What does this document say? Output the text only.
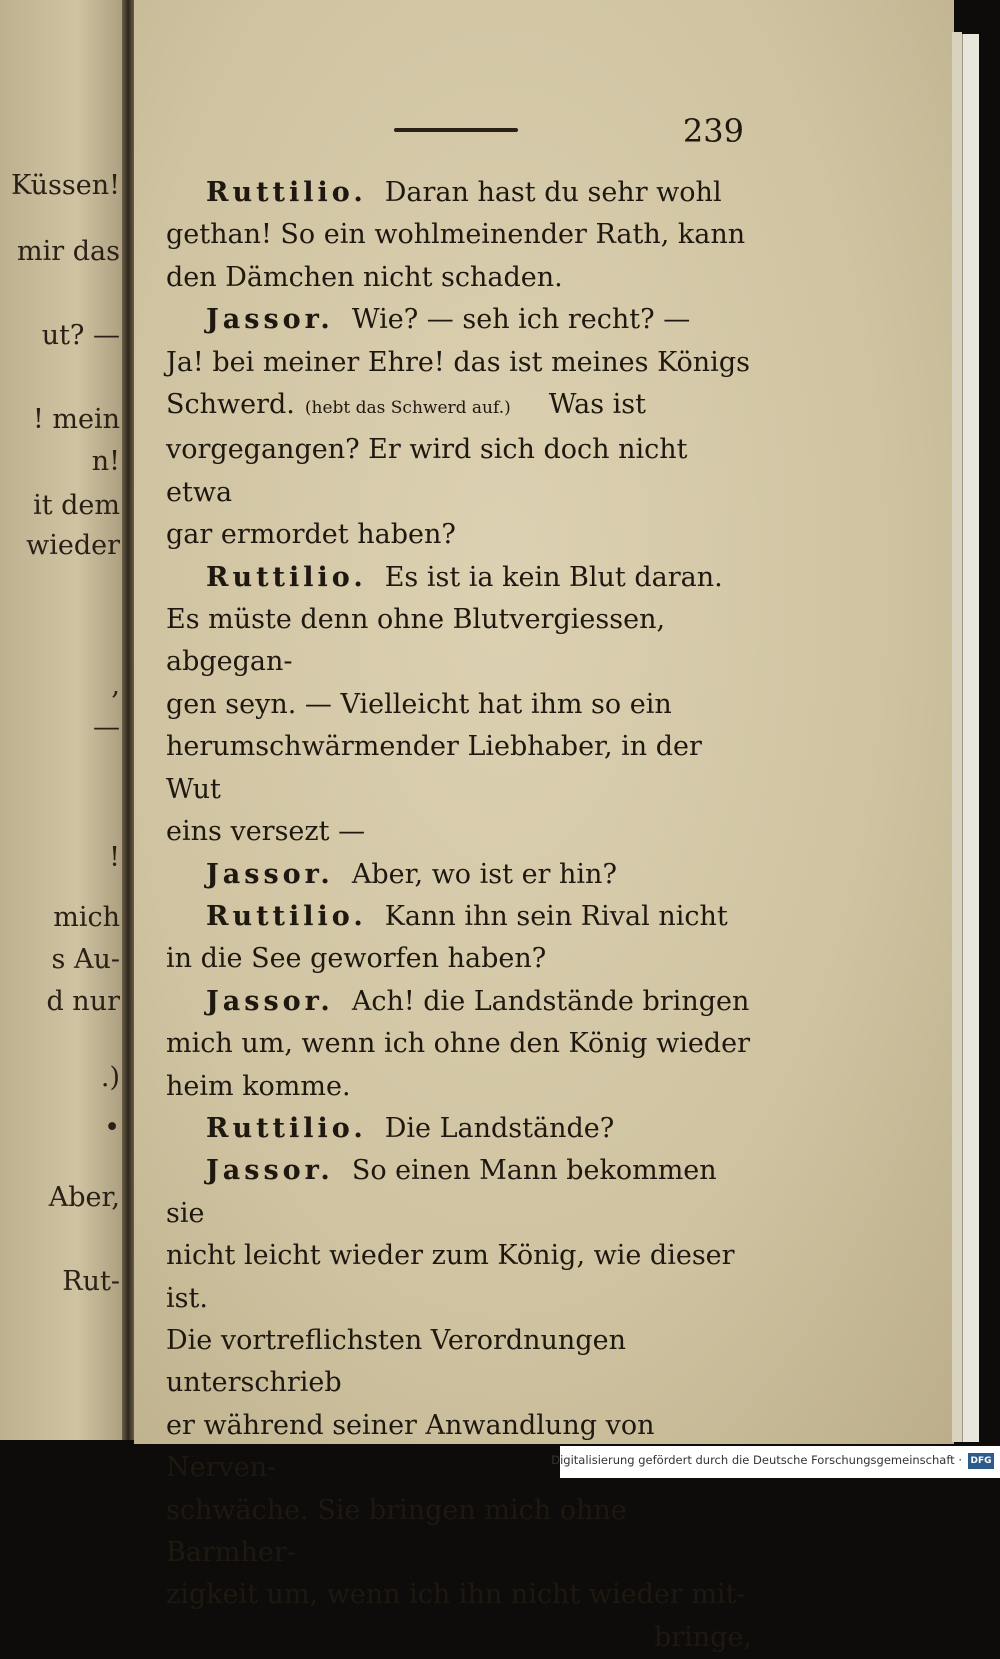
Küssen!
mir das
ut? —
! mein
n!
it dem
wieder
,
—
!
mich
s Au-
d nur
.)
•
Aber,
Rut-
239

Ruttilio. Daran hast du sehr wohl

gethan! So ein wohlmeinender Rath, kann

den Dämchen nicht schaden.

Jassor. Wie? — seh ich recht? —

Ja! bei meiner Ehre! das ist meines Königs

Schwerd. (hebt das Schwerd auf.) Was ist

vorgegangen? Er wird sich doch nicht etwa

gar ermordet haben?

Ruttilio. Es ist ia kein Blut daran.

Es müste denn ohne Blutvergiessen, abgegan-

gen seyn. — Vielleicht hat ihm so ein

herumschwärmender Liebhaber, in der Wut

eins versezt —

Jassor. Aber, wo ist er hin?

Ruttilio. Kann ihn sein Rival nicht

in die See geworfen haben?

Jassor. Ach! die Landstände bringen

mich um, wenn ich ohne den König wieder

heim komme.

Ruttilio. Die Landstände?

Jassor. So einen Mann bekommen sie

nicht leicht wieder zum König, wie dieser ist.

Die vortreflichsten Verordnungen unterschrieb

er während seiner Anwandlung von Nerven-

schwäche. Sie bringen mich ohne Barmher-

zigkeit um, wenn ich ihn nicht wieder mit-

bringe,

Digitalisierung gefördert durch die Deutsche Forschungsgemeinschaft · DFG
